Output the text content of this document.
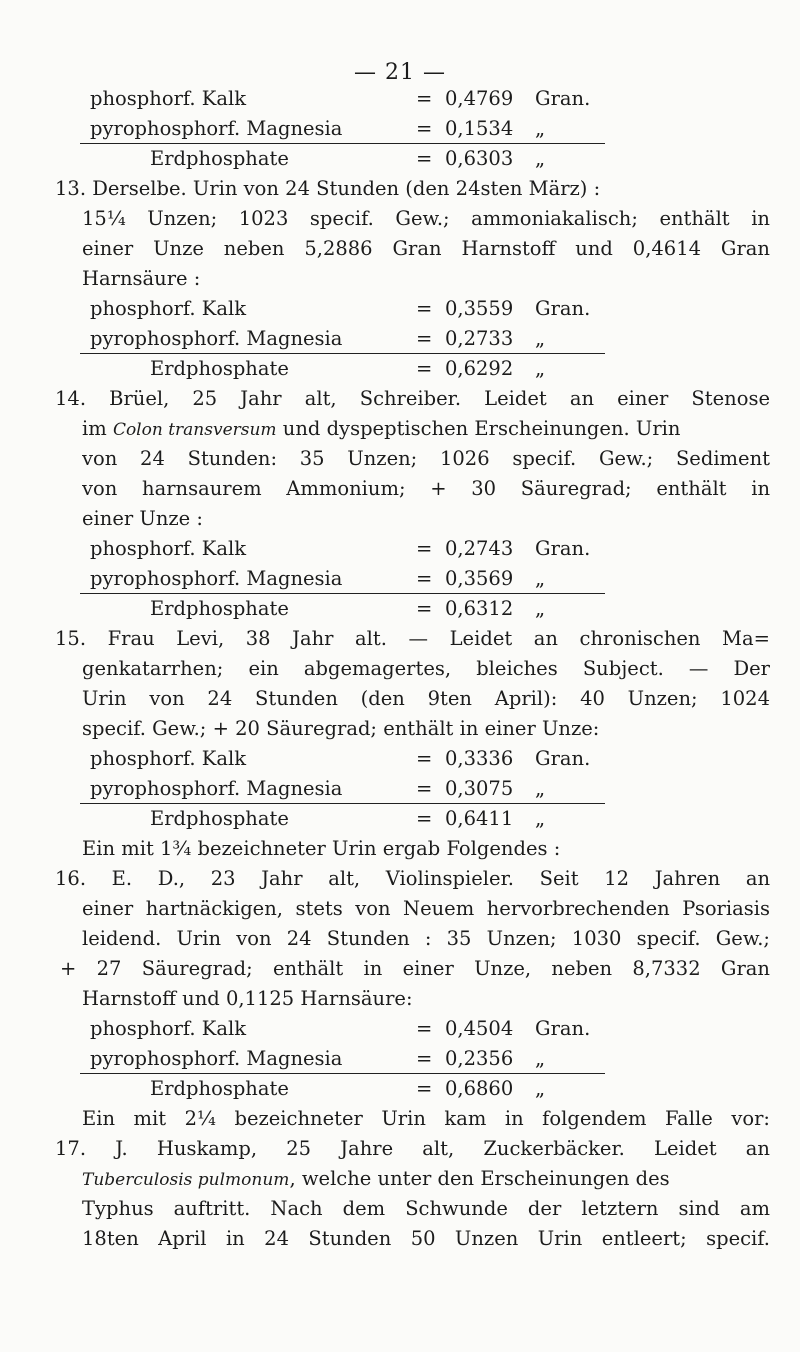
— 21 —
phosphorf. Kalk	= 0,4769 Gran.
pyrophosphorf. Magnesia	= 0,1534 „
Erdphosphate	= 0,6303 „
13. Derselbe. Urin von 24 Stunden (den 24sten März) :
15¼ Unzen; 1023 specif. Gew.; ammoniakalisch; enthält in
einer Unze neben 5,2886 Gran Harnstoff und 0,4614 Gran
Harnsäure :
phosphorf. Kalk	= 0,3559 Gran.
pyrophosphorf. Magnesia	= 0,2733 „
Erdphosphate	= 0,6292 „
14. Brüel, 25 Jahr alt, Schreiber. Leidet an einer Stenose
im Colon transversum und dyspeptischen Erscheinungen. Urin
von 24 Stunden: 35 Unzen; 1026 specif. Gew.; Sediment
von harnsaurem Ammonium; + 30 Säuregrad; enthält in
einer Unze :
phosphorf. Kalk	= 0,2743 Gran.
pyrophosphorf. Magnesia	= 0,3569 „
Erdphosphate	= 0,6312 „
15. Frau Levi, 38 Jahr alt. — Leidet an chronischen Ma=
genkatarrhen; ein abgemagertes, bleiches Subject. — Der
Urin von 24 Stunden (den 9ten April): 40 Unzen; 1024
specif. Gew.; + 20 Säuregrad; enthält in einer Unze:
phosphorf. Kalk	= 0,3336 Gran.
pyrophosphorf. Magnesia	= 0,3075 „
Erdphosphate	= 0,6411 „
Ein mit 1¾ bezeichneter Urin ergab Folgendes :
16. E. D., 23 Jahr alt, Violinspieler. Seit 12 Jahren an
einer hartnäckigen, stets von Neuem hervorbrechenden Psoriasis
leidend. Urin von 24 Stunden : 35 Unzen; 1030 specif. Gew.;
+ 27 Säuregrad; enthält in einer Unze, neben 8,7332 Gran
Harnstoff und 0,1125 Harnsäure:
phosphorf. Kalk	= 0,4504 Gran.
pyrophosphorf. Magnesia	= 0,2356 „
Erdphosphate	= 0,6860 „
Ein mit 2¼ bezeichneter Urin kam in folgendem Falle vor:
17. J. Huskamp, 25 Jahre alt, Zuckerbäcker. Leidet an
Tuberculosis pulmonum, welche unter den Erscheinungen des
Typhus auftritt. Nach dem Schwunde der letztern sind am
18ten April in 24 Stunden 50 Unzen Urin entleert; specif.
